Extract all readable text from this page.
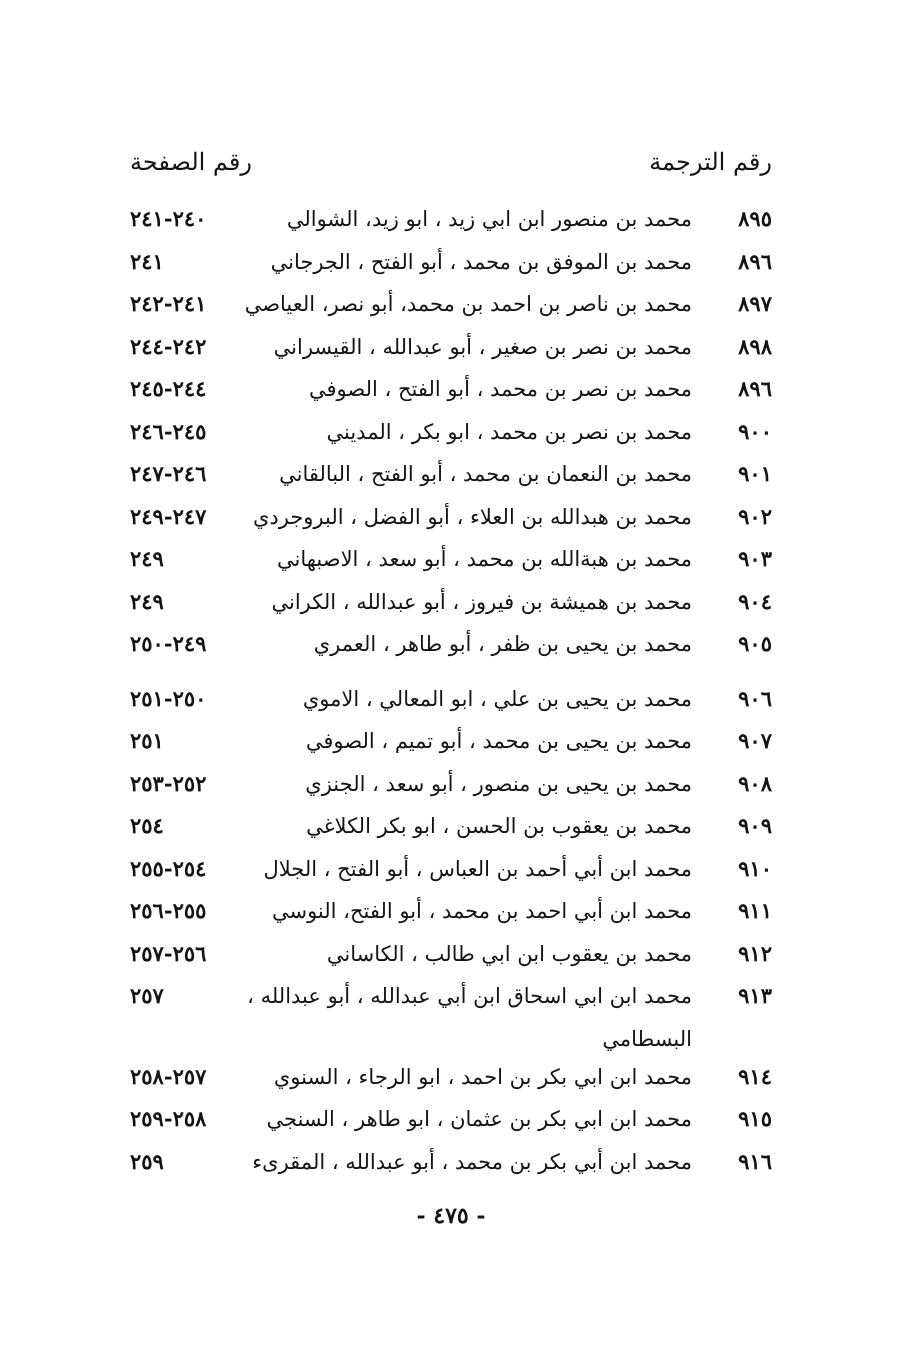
رقم الترجمة
رقم الصفحة
٨٩٥
محمد بن منصور ابن ابي زيد ، ابو زيد، الشوالي
٢٤٠-٢٤١
٨٩٦
محمد بن الموفق بن محمد ، أبو الفتح ، الجرجاني
٢٤١
٨٩٧
محمد بن ناصر بن احمد بن محمد، أبو نصر، العياصي
٢٤١-٢٤٢
٨٩٨
محمد بن نصر بن صغير ، أبو عبدالله ، القيسراني
٢٤٢-٢٤٤
٨٩٦
محمد بن نصر بن محمد ، أبو الفتح ، الصوفي
٢٤٤-٢٤٥
٩٠٠
محمد بن نصر بن محمد ، ابو بكر ، المديني
٢٤٥-٢٤٦
٩٠١
محمد بن النعمان بن محمد ، أبو الفتح ، البالقاني
٢٤٦-٢٤٧
٩٠٢
محمد بن هبدالله بن العلاء ، أبو الفضل ، البروجردي
٢٤٧-٢٤٩
٩٠٣
محمد بن هبةالله بن محمد ، أبو سعد ، الاصبهاني
٢٤٩
٩٠٤
محمد بن هميشة بن فيروز ، أبو عبدالله ، الكراني
٢٤٩
٩٠٥
محمد بن يحيى بن ظفر ، أبو طاهر ، العمري
٢٤٩-٢٥٠
٩٠٦
محمد بن يحيى بن علي ، ابو المعالي ، الاموي
٢٥٠-٢٥١
٩٠٧
محمد بن يحيى بن محمد ، أبو تميم ، الصوفي
٢٥١
٩٠٨
محمد بن يحيى بن منصور ، أبو سعد ، الجنزي
٢٥٢-٢٥٣
٩٠٩
محمد بن يعقوب بن الحسن ، ابو بكر الكلاغي
٢٥٤
٩١٠
محمد ابن أبي أحمد بن العباس ، أبو الفتح ، الجلال
٢٥٤-٢٥٥
٩١١
محمد ابن أبي احمد بن محمد ، أبو الفتح، النوسي
٢٥٥-٢٥٦
٩١٢
محمد بن يعقوب ابن ابي طالب ، الكاساني
٢٥٦-٢٥٧
٩١٣
محمد ابن ابي اسحاق ابن أبي عبدالله ، أبو عبدالله ،
٢٥٧
البسطامي
٩١٤
محمد ابن ابي بكر بن احمد ، ابو الرجاء ، السنوي
٢٥٧-٢٥٨
٩١٥
محمد ابن ابي بكر بن عثمان ، ابو طاهر ، السنجي
٢٥٨-٢٥٩
٩١٦
محمد ابن أبي بكر بن محمد ، أبو عبدالله ، المقرىء
٢٥٩
- ٤٧٥ -
